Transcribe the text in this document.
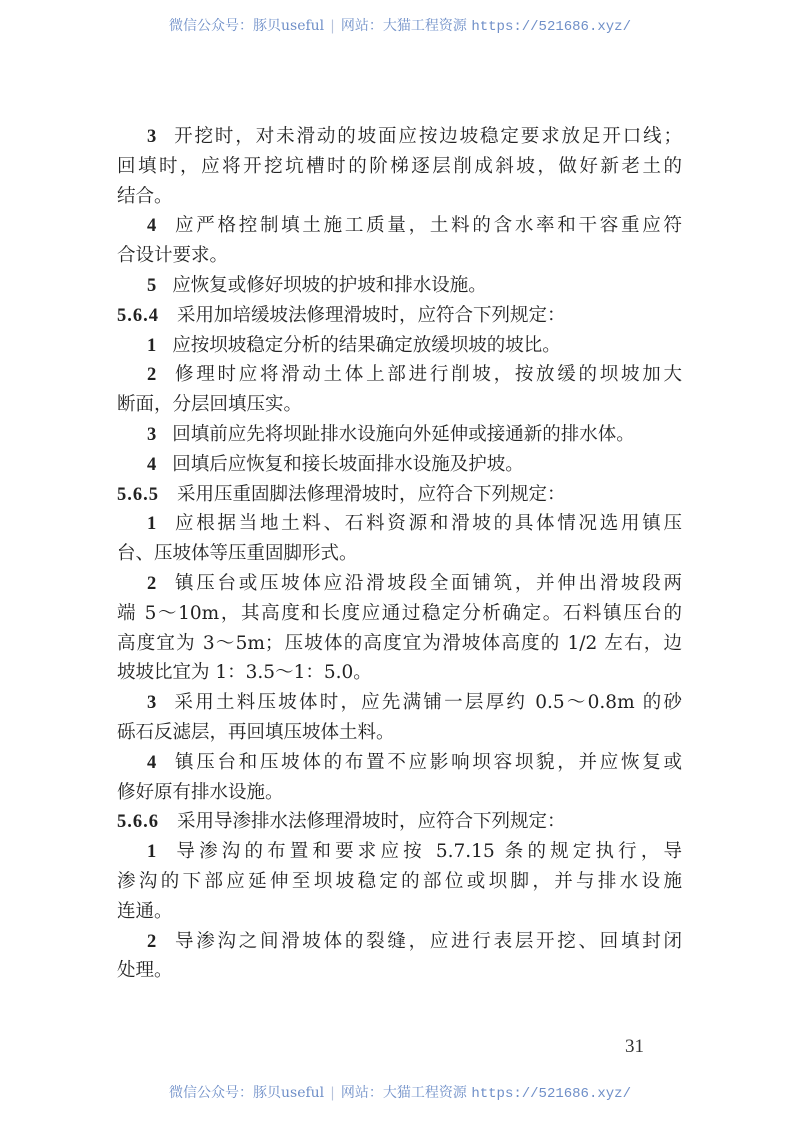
微信公众号：豚贝useful | 网站：大猫工程资源 https://521686.xyz/
3 开挖时，对未滑动的坡面应按边坡稳定要求放足开口线；
回填时，应将开挖坑槽时的阶梯逐层削成斜坡，做好新老土的
结合。
4 应严格控制填土施工质量，土料的含水率和干容重应符
合设计要求。
5 应恢复或修好坝坡的护坡和排水设施。
5.6.4 采用加培缓坡法修理滑坡时，应符合下列规定：
1 应按坝坡稳定分析的结果确定放缓坝坡的坡比。
2 修理时应将滑动土体上部进行削坡，按放缓的坝坡加大
断面，分层回填压实。
3 回填前应先将坝趾排水设施向外延伸或接通新的排水体。
4 回填后应恢复和接长坡面排水设施及护坡。
5.6.5 采用压重固脚法修理滑坡时，应符合下列规定：
1 应根据当地土料、石料资源和滑坡的具体情况选用镇压
台、压坡体等压重固脚形式。
2 镇压台或压坡体应沿滑坡段全面铺筑，并伸出滑坡段两
端 5～10m，其高度和长度应通过稳定分析确定。石料镇压台的
高度宜为 3～5m；压坡体的高度宜为滑坡体高度的 1/2 左右，边
坡坡比宜为 1：3.5～1：5.0。
3 采用土料压坡体时，应先满铺一层厚约 0.5～0.8m 的砂
砾石反滤层，再回填压坡体土料。
4 镇压台和压坡体的布置不应影响坝容坝貌，并应恢复或
修好原有排水设施。
5.6.6 采用导渗排水法修理滑坡时，应符合下列规定：
1 导渗沟的布置和要求应按 5.7.15 条的规定执行，导
渗沟的下部应延伸至坝坡稳定的部位或坝脚，并与排水设施
连通。
2 导渗沟之间滑坡体的裂缝，应进行表层开挖、回填封闭
处理。
31
微信公众号：豚贝useful | 网站：大猫工程资源 https://521686.xyz/
